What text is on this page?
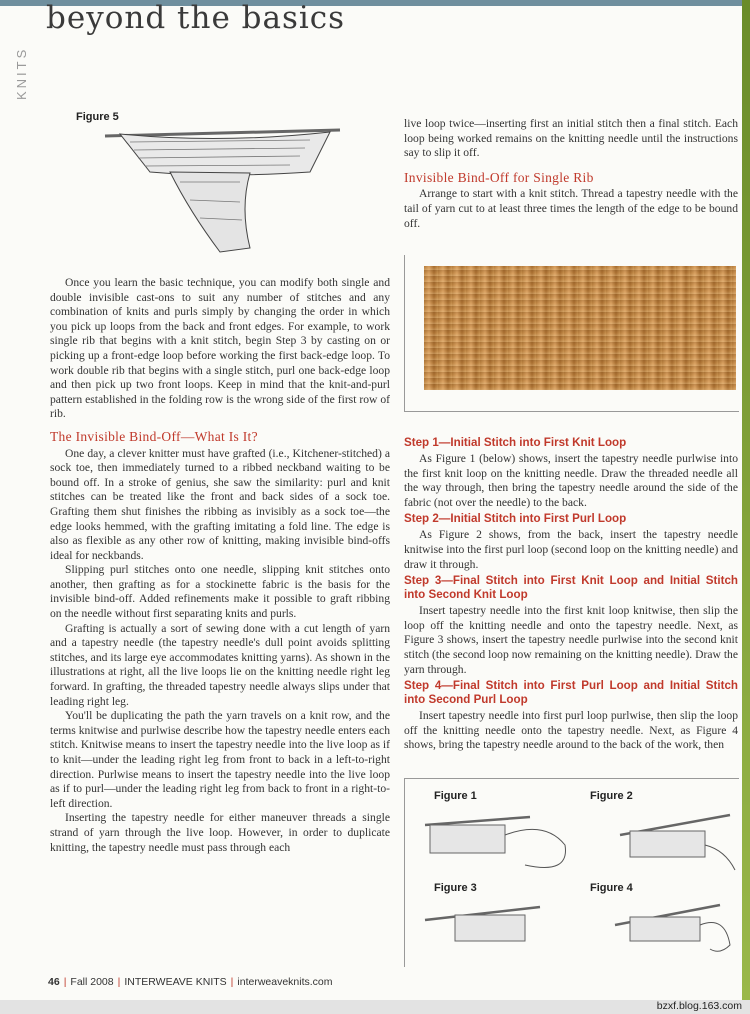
KNITS
beyond the basics
Figure 5

Once you learn the basic technique, you can modify both single and double invisible cast-ons to suit any number of stitches and any combination of knits and purls simply by changing the order in which you pick up loops from the back and front edges. For example, to work single rib that begins with a knit stitch, begin Step 3 by casting on or picking up a front-edge loop before working the first back-edge loop. To work double rib that begins with a single stitch, purl one back-edge loop and then pick up two front loops. Keep in mind that the knit-and-purl pattern established in the folding row is the wrong side of the first row of rib.

The Invisible Bind-Off—What Is It?

One day, a clever knitter must have grafted (i.e., Kitchener-stitched) a sock toe, then immediately turned to a ribbed neckband waiting to be bound off. In a stroke of genius, she saw the similarity: purl and knit stitches can be treated like the front and back sides of a sock toe. Grafting them shut finishes the ribbing as invisibly as a sock toe—the edge looks hemmed, with the grafting imitating a fold line. The edge is also as flexible as any other row of knitting, making invisible bind-offs ideal for neckbands.

Slipping purl stitches onto one needle, slipping knit stitches onto another, then grafting as for a stockinette fabric is the basis for the invisible bind-off. Added refinements make it possible to graft ribbing on the needle without first separating knits and purls.

Grafting is actually a sort of sewing done with a cut length of yarn and a tapestry needle (the tapestry needle's dull point avoids splitting stitches, and its large eye accommodates knitting yarns). As shown in the illustrations at right, all the live loops lie on the knitting needle right leg forward. In grafting, the threaded tapestry needle always slips under that leading right leg.

You'll be duplicating the path the yarn travels on a knit row, and the terms knitwise and purlwise describe how the tapestry needle enters each stitch. Knitwise means to insert the tapestry needle into the live loop as if to knit—under the leading right leg from front to back in a left-to-right direction. Purlwise means to insert the tapestry needle into the live loop as if to purl—under the leading right leg from back to front in a right-to-left direction.

Inserting the tapestry needle for either maneuver threads a single strand of yarn through the live loop. However, in order to duplicate knitting, the tapestry needle must pass through each

live loop twice—inserting first an initial stitch then a final stitch. Each loop being worked remains on the knitting needle until the instructions say to slip it off.

Invisible Bind-Off for Single Rib

Arrange to start with a knit stitch. Thread a tapestry needle with the tail of yarn cut to at least three times the length of the edge to be bound off.

Step 1—Initial Stitch into First Knit Loop

As Figure 1 (below) shows, insert the tapestry needle purlwise into the first knit loop on the knitting needle. Draw the threaded needle all the way through, then bring the tapestry needle around the side of the fabric (not over the needle) to the back.

Step 2—Initial Stitch into First Purl Loop

As Figure 2 shows, from the back, insert the tapestry needle knitwise into the first purl loop (second loop on the knitting needle) and draw it through.

Step 3—Final Stitch into First Knit Loop and Initial Stitch into Second Knit Loop

Insert tapestry needle into the first knit loop knitwise, then slip the loop off the knitting needle and onto the tapestry needle. Next, as Figure 3 shows, insert the tapestry needle purlwise into the second knit stitch (the second loop now remaining on the knitting needle). Draw the yarn through.

Step 4—Final Stitch into First Purl Loop and Initial Stitch into Second Purl Loop

Insert tapestry needle into first purl loop purlwise, then slip the loop off the knitting needle onto the tapestry needle. Next, as Figure 4 shows, bring the tapestry needle around to the back of the work, then

Figure 1	Figure 2
Figure 3	Figure 4
46 | Fall 2008 | INTERWEAVE KNITS | interweaveknits.com
bzxf.blog.163.com
